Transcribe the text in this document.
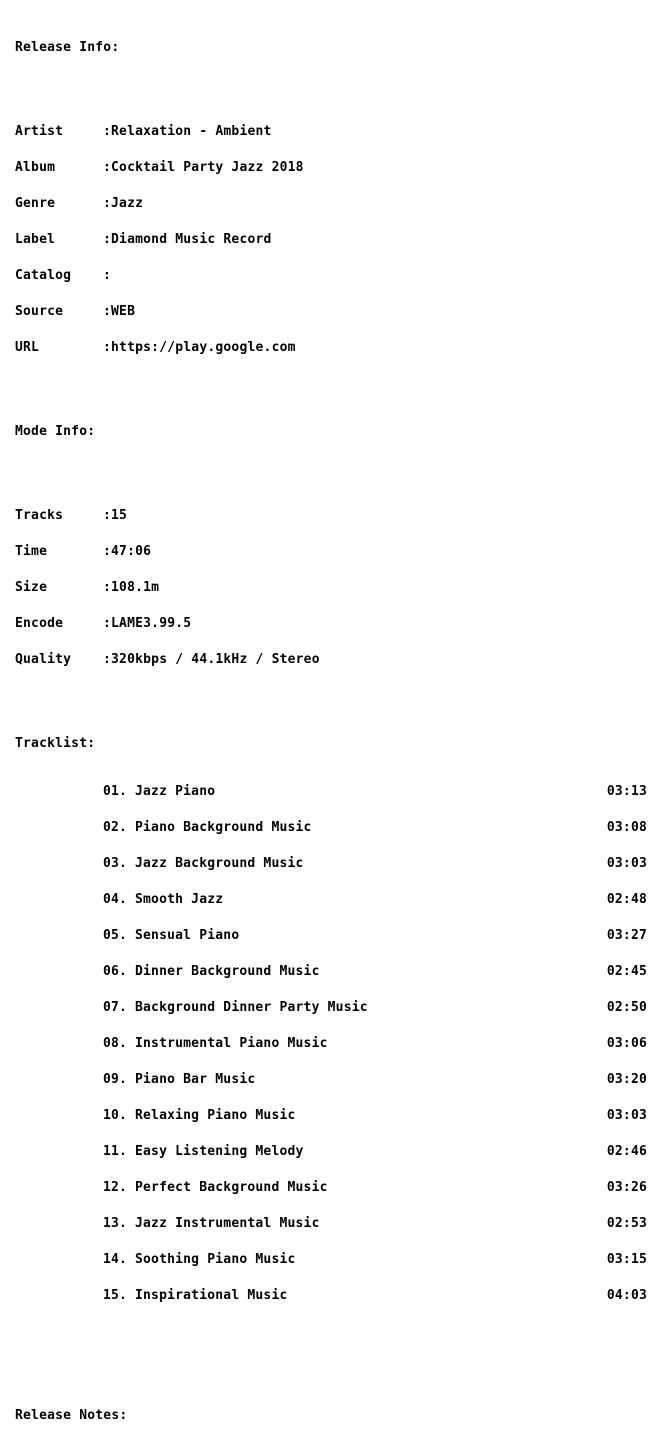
Release Info:

Artist	: Relaxation - Ambient

Album	: Cocktail Party Jazz 2018

Genre	: Jazz

Label	: Diamond Music Record

Catalog	:

Source	: WEB

URL	: https://play.google.com

Mode Info:

Tracks	: 15

Time	: 47:06

Size	: 108.1m

Encode	: LAME3.99.5

Quality	: 320kbps / 44.1kHz / Stereo

Tracklist:

01. Jazz Piano	03:13

02. Piano Background Music	03:08

03. Jazz Background Music	03:03

04. Smooth Jazz	02:48

05. Sensual Piano	03:27

06. Dinner Background Music	02:45

07. Background Dinner Party Music	02:50

08. Instrumental Piano Music	03:06

09. Piano Bar Music	03:20

10. Relaxing Piano Music	03:03

11. Easy Listening Melody	02:46

12. Perfect Background Music	03:26

13. Jazz Instrumental Music	02:53

14. Soothing Piano Music	03:15

15. Inspirational Music	04:03

Release Notes:
